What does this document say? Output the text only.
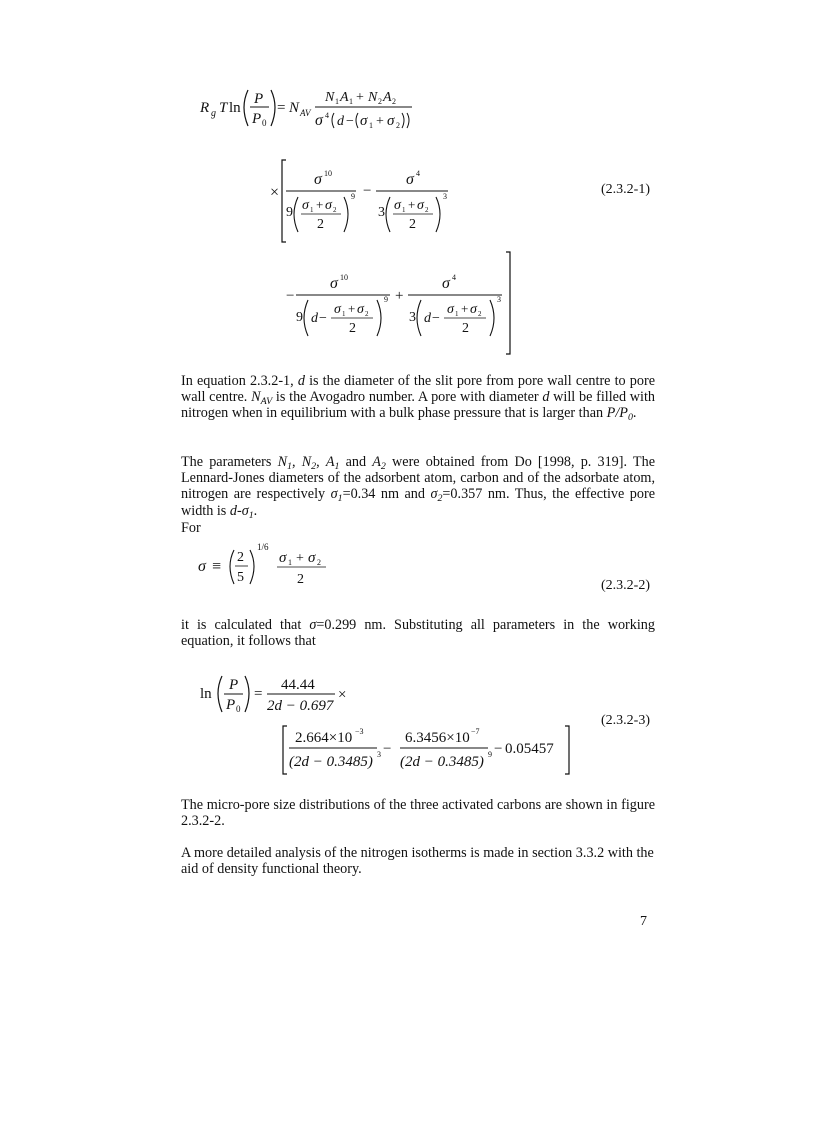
R g T ln
P
P 0
= N AV
N 1 A 1 + N 2 A 2
σ 4 d − σ 1 + σ 2
×
σ 10
9 σ 1 + σ 2
2
9 −
σ 4
3 σ 1 + σ 2
2
3
−
σ 10
9 d −
σ 1 + σ 2
2
9 +
σ 4
3 d −
σ 1 + σ 2
2
3
(2.3.2-1)
In equation 2.3.2-1, d is the diameter of the slit pore from pore wall centre to pore wall centre. $N_{AV}$ is the Avogadro number. A pore with diameter d will be filled with nitrogen when in equilibrium with a bulk phase pressure that is larger than $P/P_0$.
The parameters $N_1$, $N_2$, $A_1$ and $A_2$ were obtained from Do [1998, p. 319]. The Lennard-Jones diameters of the adsorbent atom, carbon and of the adsorbate atom, nitrogen are respectively $\sigma_1=0.34$ nm and $\sigma_2=0.357$ nm. Thus, the effective pore width is $d-\sigma_1$.
For
σ ≡
2
5
1/6
σ 1 + σ 2
2	(2.3.2-2)
it is calculated that σ=0.299 nm. Substituting all parameters in the working equation, it follows that
ln
P
P 0
=
44.44
2d − 0.697
×
2.664×10 −3
(2d − 0.3485) 3 −
6.3456×10 −7
(2d − 0.3485) 9 − 0.05457
(2.3.2-3)
The micro-pore size distributions of the three activated carbons are shown in figure 2.3.2-2.
A more detailed analysis of the nitrogen isotherms is made in section 3.3.2 with the aid of density functional theory.
7
